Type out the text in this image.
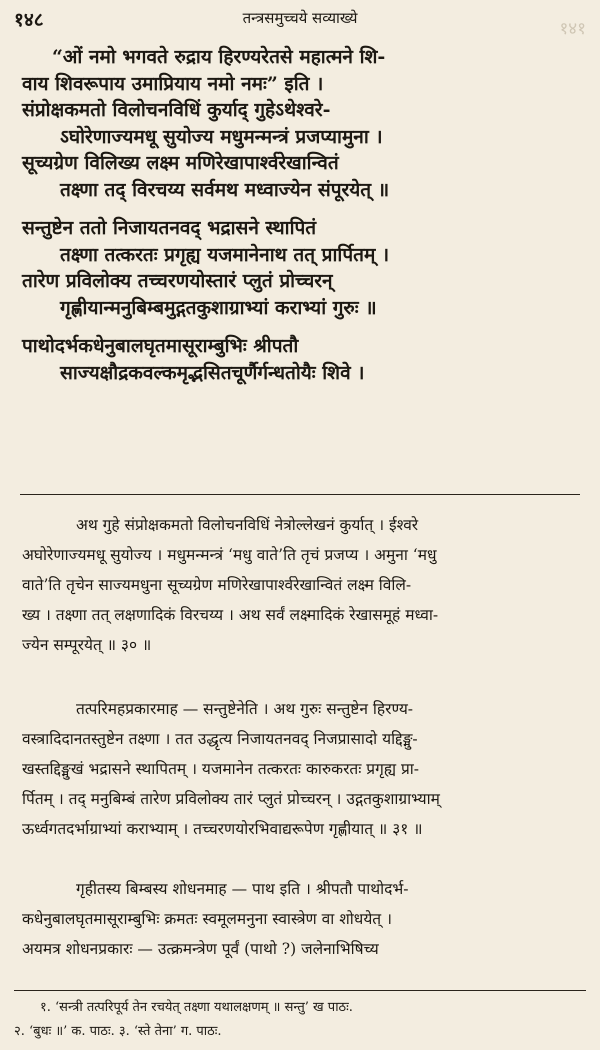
१४८	तन्त्रसमुच्चये सव्याख्ये
१४१
“ओं नमो भगवते रुद्राय हिरण्यरेतसे महात्मने शि-
वाय शिवरूपाय उमाप्रियाय नमो नमः” इति ।
संप्रोक्षकमतो विलोचनविधिं कुर्याद् गुहेऽथेश्वरे-
ऽघोरेणाज्यमधू सुयोज्य मधुमन्मन्त्रं प्रजप्यामुना ।
सूच्यग्रेण विलिख्य लक्ष्म मणिरेखापार्श्वरेखान्वितं
तक्ष्णा तद् विरचय्य सर्वमथ मध्वाज्येन संपूरयेत् ॥
सन्तुष्टेन ततो निजायतनवद् भद्रासने स्थापितं
तक्ष्णा तत्करतः प्रगृह्य यजमानेनाथ तत् प्रार्पितम् ।
तारेण प्रविलोक्य तच्चरणयोस्तारं प्लुतं प्रोच्चरन्
गृह्णीयान्मनुबिम्बमुद्गतकुशाग्राभ्यां कराभ्यां गुरुः ॥
पाथोदर्भकधेनुबालघृतमासूराम्बुभिः श्रीपतौ
साज्यक्षौद्रकवल्कमृद्भसितचूर्णैर्गन्धतोयैः शिवे ।
अथ गुहे संप्रोक्षकमतो विलोचनविधिं नेत्रोल्लेखनं कुर्यात् । ईश्वरे
अघोरेणाज्यमधू सुयोज्य । मधुमन्मन्त्रं ‘मधु वाते’ति तृचं प्रजप्य । अमुना ‘मधु
वाते’ति तृचेन साज्यमधुना सूच्यग्रेण मणिरेखापार्श्वरेखान्वितं लक्ष्म विलि-
ख्य । तक्ष्णा तत् लक्षणादिकं विरचय्य । अथ सर्वं लक्ष्मादिकं रेखासमूहं मध्वा-
ज्येन सम्पूरयेत् ॥ ३० ॥
तत्परिमहप्रकारमाह — सन्तुष्टेनेति । अथ गुरुः सन्तुष्टेन हिरण्य-
वस्त्रादिदानतस्तुष्टेन तक्ष्णा । तत उद्धृत्य निजायतनवद् निजप्रासादो यद्दिङ्मु-
खस्तद्दिङ्मुखं भद्रासने स्थापितम् । यजमानेन तत्करतः कारुकरतः प्रगृह्य प्रा-
र्पितम् । तद् मनुबिम्बं तारेण प्रविलोक्य तारं प्लुतं प्रोच्चरन् । उद्गतकुशाग्राभ्याम्
ऊर्ध्वगतदर्भाग्राभ्यां कराभ्याम् । तच्चरणयोरभिवाद्यरूपेण गृह्णीयात् ॥ ३१ ॥
गृहीतस्य बिम्बस्य शोधनमाह — पाथ इति । श्रीपतौ पाथोदर्भ-
कधेनुबालघृतमासूराम्बुभिः क्रमतः स्वमूलमनुना स्वास्त्रेण वा शोधयेत् ।
अयमत्र शोधनप्रकारः — उत्क्रमन्त्रेण पूर्वं (पाथो ?) जलेनाभिषिच्य
१. ‘सन्त्री तत्परिपूर्य तेन रचयेत् तक्ष्णा यथालक्षणम् ॥ सन्तु’ ख पाठः.
२. ‘बुधः ॥’ क. पाठः. ३. ‘स्ते तेना’ ग. पाठः.
